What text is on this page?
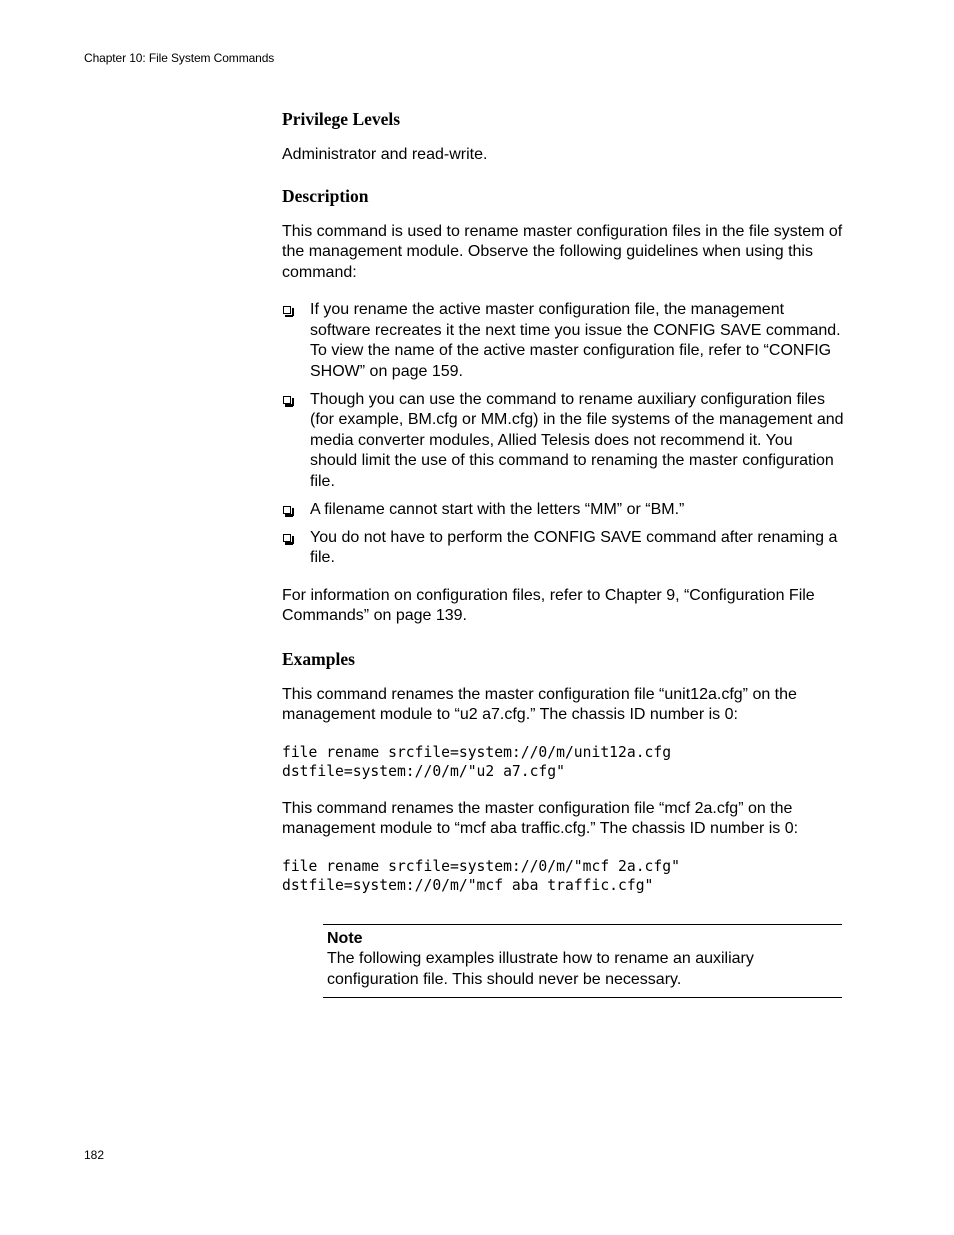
Chapter 10: File System Commands
Privilege Levels

Administrator and read-write.

Description

This command is used to rename master configuration files in the file system of the management module. Observe the following guidelines when using this command:

If you rename the active master configuration file, the management software recreates it the next time you issue the CONFIG SAVE command. To view the name of the active master configuration file, refer to “CONFIG SHOW” on page 159.
Though you can use the command to rename auxiliary configuration files (for example, BM.cfg or MM.cfg) in the file systems of the management and media converter modules, Allied Telesis does not recommend it. You should limit the use of this command to renaming the master configuration file.
A filename cannot start with the letters “MM” or “BM.”
You do not have to perform the CONFIG SAVE command after renaming a file.

For information on configuration files, refer to Chapter 9, “Configuration File Commands” on page 139.

Examples

This command renames the master configuration file “unit12a.cfg” on the management module to “u2 a7.cfg.” The chassis ID number is 0:

file rename srcfile=system://0/m/unit12a.cfg
dstfile=system://0/m/"u2 a7.cfg"

This command renames the master configuration file “mcf 2a.cfg” on the management module to “mcf aba traffic.cfg.” The chassis ID number is 0:

file rename srcfile=system://0/m/"mcf 2a.cfg"
dstfile=system://0/m/"mcf aba traffic.cfg"
Note
The following examples illustrate how to rename an auxiliary configuration file. This should never be necessary.
182
